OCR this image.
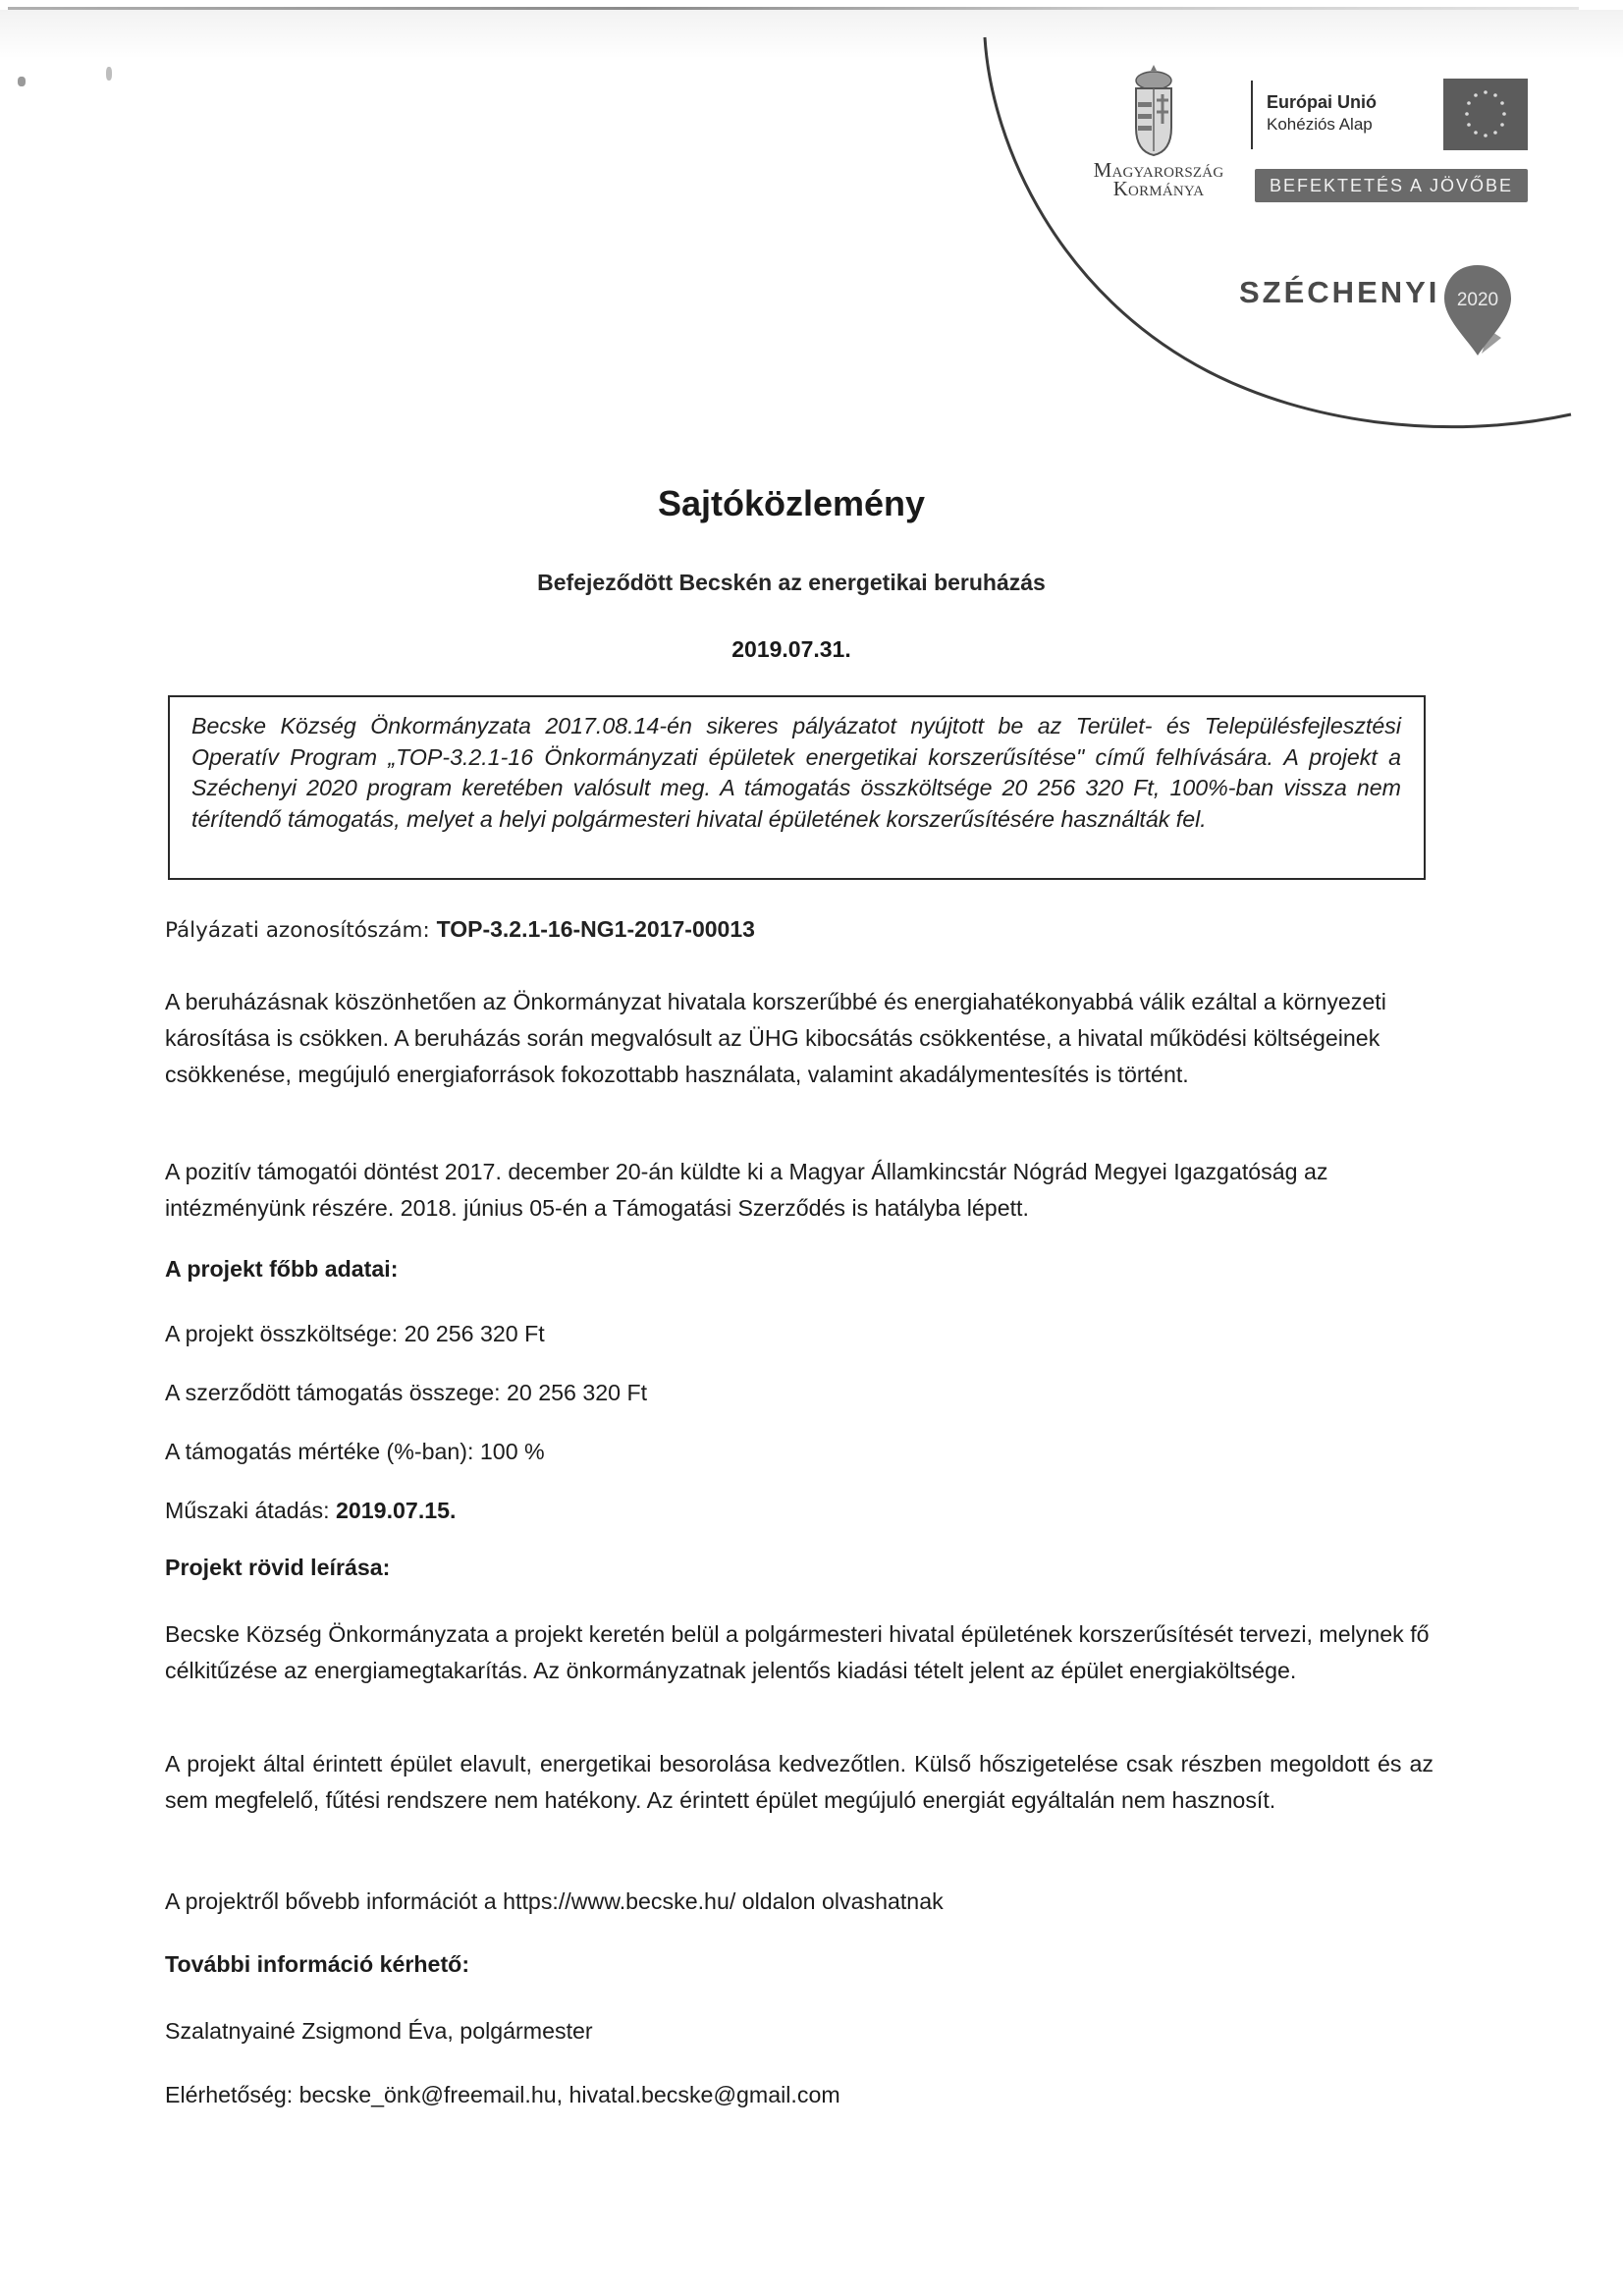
Magyarország
Kormánya
Európai Unió
Kohéziós Alap
BEFEKTETÉS A JÖVŐBE
SZÉCHENYI 2020
Sajtóközlemény
Befejeződött Becskén az energetikai beruházás
2019.07.31.
Becske Község Önkormányzata 2017.08.14-én sikeres pályázatot nyújtott be az Terület- és Településfejlesztési Operatív Program „TOP-3.2.1-16 Önkormányzati épületek energetikai korszerűsítése" című felhívására. A projekt a Széchenyi 2020 program keretében valósult meg. A támogatás összköltsége 20 256 320 Ft, 100%-ban vissza nem térítendő támogatás, melyet a helyi polgármesteri hivatal épületének korszerűsítésére használták fel.

Pályázati azonosítószám: TOP-3.2.1-16-NG1-2017-00013

A beruházásnak köszönhetően az Önkormányzat hivatala korszerűbbé és energiahatékonyabbá válik ezáltal a környezeti károsítása is csökken. A beruházás során megvalósult az ÜHG kibocsátás csökkentése, a hivatal működési költségeinek csökkenése, megújuló energiaforrások fokozottabb használata, valamint akadálymentesítés is történt.

A pozitív támogatói döntést 2017. december 20-án küldte ki a Magyar Államkincstár Nógrád Megyei Igazgatóság az intézményünk részére. 2018. június 05-én a Támogatási Szerződés is hatályba lépett.

A projekt főbb adatai:

A projekt összköltsége: 20 256 320 Ft

A szerződött támogatás összege: 20 256 320 Ft

A támogatás mértéke (%-ban): 100 %

Műszaki átadás: 2019.07.15.

Projekt rövid leírása:

Becske Község Önkormányzata a projekt keretén belül a polgármesteri hivatal épületének korszerűsítését tervezi, melynek fő célkitűzése az energiamegtakarítás. Az önkormányzatnak jelentős kiadási tételt jelent az épület energiaköltsége.

A projekt által érintett épület elavult, energetikai besorolása kedvezőtlen. Külső hőszigetelése csak részben megoldott és az sem megfelelő, fűtési rendszere nem hatékony. Az érintett épület megújuló energiát egyáltalán nem hasznosít.

A projektről bővebb információt a https://www.becske.hu/ oldalon olvashatnak

További információ kérhető:

Szalatnyainé Zsigmond Éva, polgármester

Elérhetőség: becske_önk@freemail.hu, hivatal.becske@gmail.com
